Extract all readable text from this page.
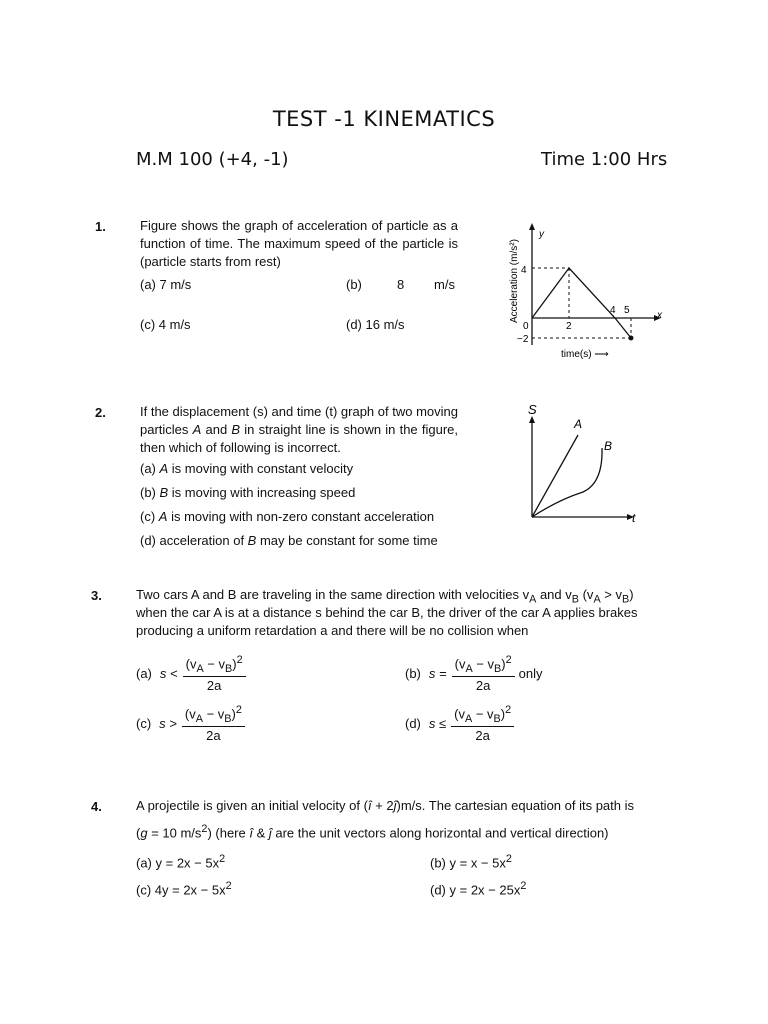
TEST -1 KINEMATICS
M.M 100 (+4, -1)	Time 1:00 Hrs
1.	Figure shows the graph of acceleration of particle as a function of time. The maximum speed of the particle is (particle starts from rest)
(a) 7 m/s	(b)	8 m/s
(c) 4 m/s	(d) 16 m/s
Acceleration (m/s²)
y
x
4
0	2
−2
4 5
time(s) ⟶
2.	If the displacement (s) and time (t) graph of two moving particles A and B in straight line is shown in the figure, then which of following is incorrect.
(a) A is moving with constant velocity
(b) B is moving with increasing speed
(c) A is moving with non-zero constant acceleration
(d) acceleration of B may be constant for some time
S
t
A
B
3.	Two cars A and B are traveling in the same direction with velocities $v_A$ and $v_B$ $(v_A > v_B)$
when the car A is at a distance s behind the car B, the driver of the car A applies brakes
producing a uniform retardation a and there will be no collision when
(a) $s < \frac{(v_A - v_B)^2}{2a}$	(b) $s = \frac{(v_A - v_B)^2}{2a}$ only
(c) $s > \frac{(v_A - v_B)^2}{2a}$	(d) $s \le \frac{(v_A - v_B)^2}{2a}$
4.	A projectile is given an initial velocity of (î + 2ĵ)m/s. The cartesian equation of its path is
(g = 10 $m/s^2$) (here î & ĵ are the unit vectors along horizontal and vertical direction)
(a) $y = 2x - 5x^2$	(b) $y = x - 5x^2$
(c) $4y = 2x - 5x^2$	(d) $y = 2x - 25x^2$
